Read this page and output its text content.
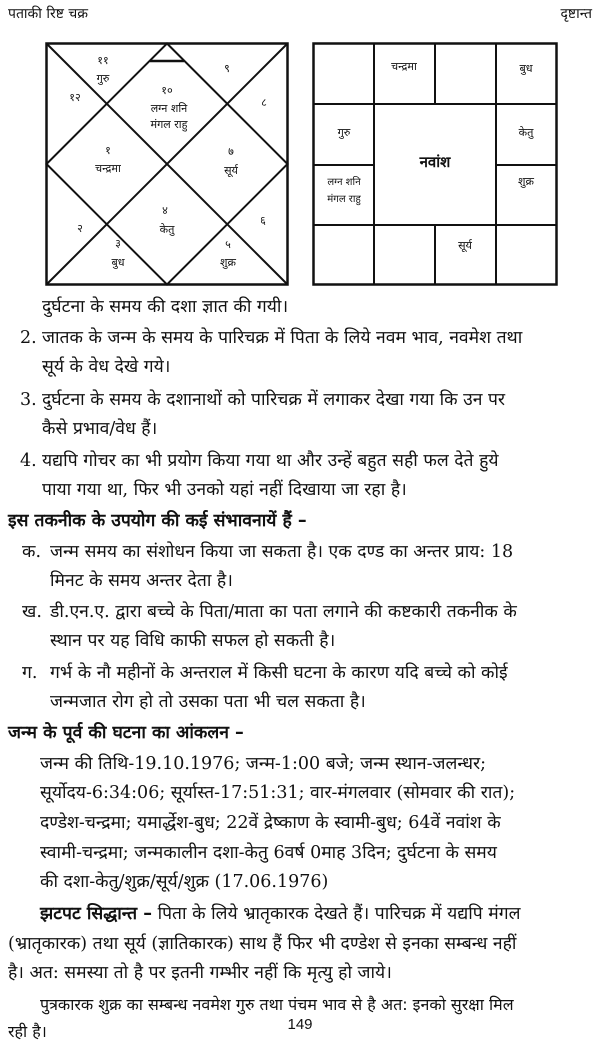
पताकी रिष्ट चक्र	दृष्टान्त
११
गुरु
१२
९
८
१०
लग्न शनि
मंगल राहु
१
चन्द्रमा
७
सूर्य
४
केतु
२
६
३
बुध
५
शुक्र
नवांश
चन्द्रमा	बुध
गुरु
लग्न शनि
मंगल राहु
केतु
शुक्र
सूर्य
दुर्घटना के समय की दशा ज्ञात की गयी।
2. जातक के जन्म के समय के पारिचक्र में पिता के लिये नवम भाव, नवमेश तथा
सूर्य के वेध देखे गये।
3. दुर्घटना के समय के दशानाथों को पारिचक्र में लगाकर देखा गया कि उन पर
कैसे प्रभाव/वेध हैं।
4. यद्यपि गोचर का भी प्रयोग किया गया था और उन्हें बहुत सही फल देते हुये
पाया गया था, फिर भी उनको यहां नहीं दिखाया जा रहा है।
इस तकनीक के उपयोग की कई संभावनायें हैं –
क. जन्म समय का संशोधन किया जा सकता है। एक दण्ड का अन्तर प्राय: 18
मिनट के समय अन्तर देता है।
ख. डी.एन.ए. द्वारा बच्चे के पिता/माता का पता लगाने की कष्टकारी तकनीक के
स्थान पर यह विधि काफी सफल हो सकती है।
ग. गर्भ के नौ महीनों के अन्तराल में किसी घटना के कारण यदि बच्चे को कोई
जन्मजात रोग हो तो उसका पता भी चल सकता है।
जन्म के पूर्व की घटना का आंकलन –
जन्म की तिथि-19.10.1976; जन्म-1:00 बजे; जन्म स्थान-जलन्धर;
सूर्योदय-6:34:06; सूर्यास्त-17:51:31; वार-मंगलवार (सोमवार की रात);
दण्डेश-चन्द्रमा; यमार्द्धेश-बुध; 22वें द्रेष्काण के स्वामी-बुध; 64वें नवांश के
स्वामी-चन्द्रमा; जन्मकालीन दशा-केतु 6वर्ष 0माह 3दिन; दुर्घटना के समय
की दशा-केतु/शुक्र/सूर्य/शुक्र (17.06.1976)
झटपट सिद्धान्त – पिता के लिये भ्रातृकारक देखते हैं। पारिचक्र में यद्यपि मंगल
(भ्रातृकारक) तथा सूर्य (ज्ञातिकारक) साथ हैं फिर भी दण्डेश से इनका सम्बन्ध नहीं
है। अत: समस्या तो है पर इतनी गम्भीर नहीं कि मृत्यु हो जाये।
पुत्रकारक शुक्र का सम्बन्ध नवमेश गुरु तथा पंचम भाव से है अत: इनको सुरक्षा मिल
रही है।	149
